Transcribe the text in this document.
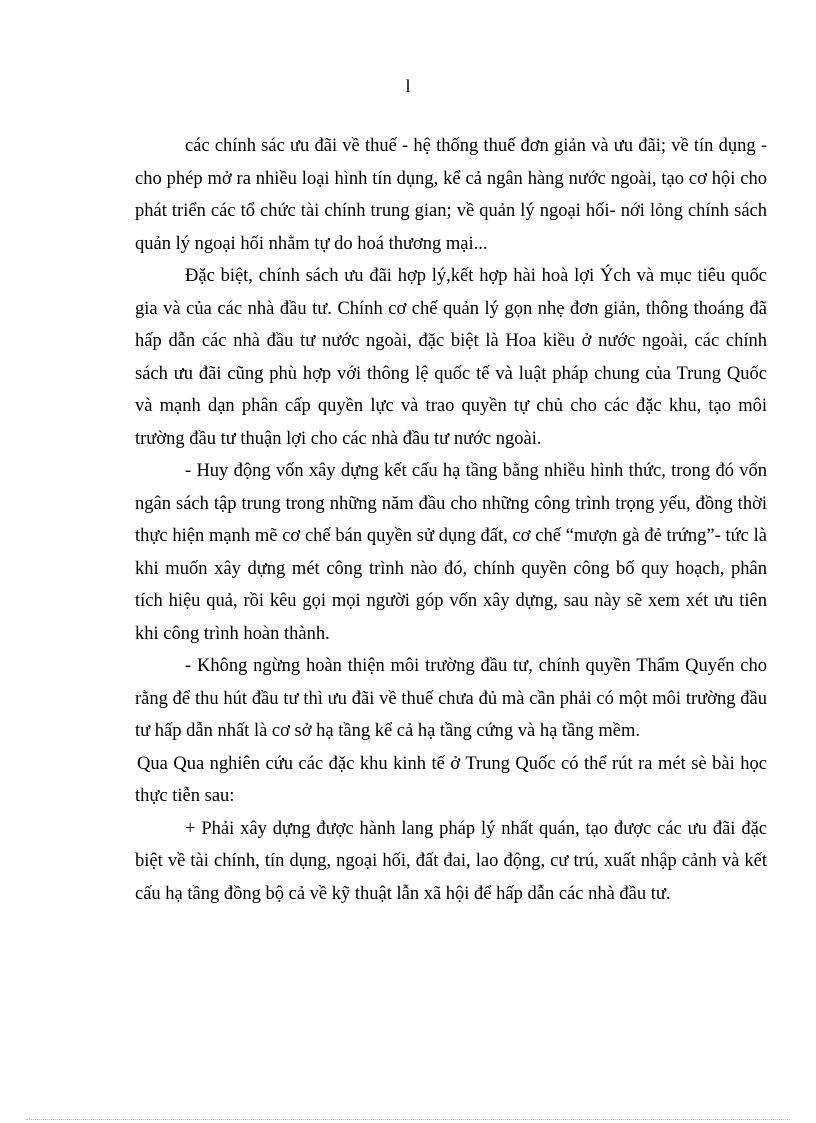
l

các chính sác ưu đãi về thuế - hệ thống thuế đơn giản và ưu đãi; về tín dụng - cho phép mở ra nhiều loại hình tín dụng, kể cả ngân hàng nước ngoài, tạo cơ hội cho phát triển các tổ chức tài chính trung gian; về quản lý ngoại hối- nới lỏng chính sách quản lý ngoại hối nhằm tự do hoá thương mại...

Đặc biệt, chính sách ưu đãi hợp lý,kết hợp hài hoà lợi Ých và mục tiêu quốc gia và của các nhà đầu tư. Chính cơ chế quản lý gọn nhẹ đơn giản, thông thoáng đã hấp dẫn các nhà đầu tư nước ngoài, đặc biệt là Hoa kiều ở nước ngoài, các chính sách ưu đãi cũng phù hợp với thông lệ quốc tế và luật pháp chung của Trung Quốc và mạnh dạn phân cấp quyền lực và trao quyền tự chủ cho các đặc khu, tạo môi trường đầu tư thuận lợi cho các nhà đầu tư nước ngoài.

- Huy động vốn xây dựng kết cấu hạ tầng bằng nhiều hình thức, trong đó vốn ngân sách tập trung trong những năm đầu cho những công trình trọng yếu, đồng thời thực hiện mạnh mẽ cơ chế bán quyền sử dụng đất, cơ chế “mượn gà đẻ trứng”- tức là khi muốn xây dựng mét công trình nào đó, chính quyền công bố quy hoạch, phân tích hiệu quả, rồi kêu gọi mọi người góp vốn xây dựng, sau này sẽ xem xét ưu tiên khi công trình hoàn thành.

- Không ngừng hoàn thiện môi trường đầu tư, chính quyền Thẩm Quyến cho rằng để thu hút đầu tư thì ưu đãi về thuế chưa đủ mà cần phải có một môi trường đầu tư hấp dẫn nhất là cơ sở hạ tầng kể cả hạ tầng cứng và hạ tầng mềm.

Qua Qua nghiên cứu các đặc khu kinh tế ở Trung Quốc có thể rút ra mét sè bài học thực tiễn sau:

+ Phải xây dựng được hành lang pháp lý nhất quán, tạo được các ưu đãi đặc biệt về tài chính, tín dụng, ngoại hối, đất đai, lao động, cư trú, xuất nhập cảnh và kết cấu hạ tầng đồng bộ cả về kỹ thuật lẫn xã hội để hấp dẫn các nhà đầu tư.
